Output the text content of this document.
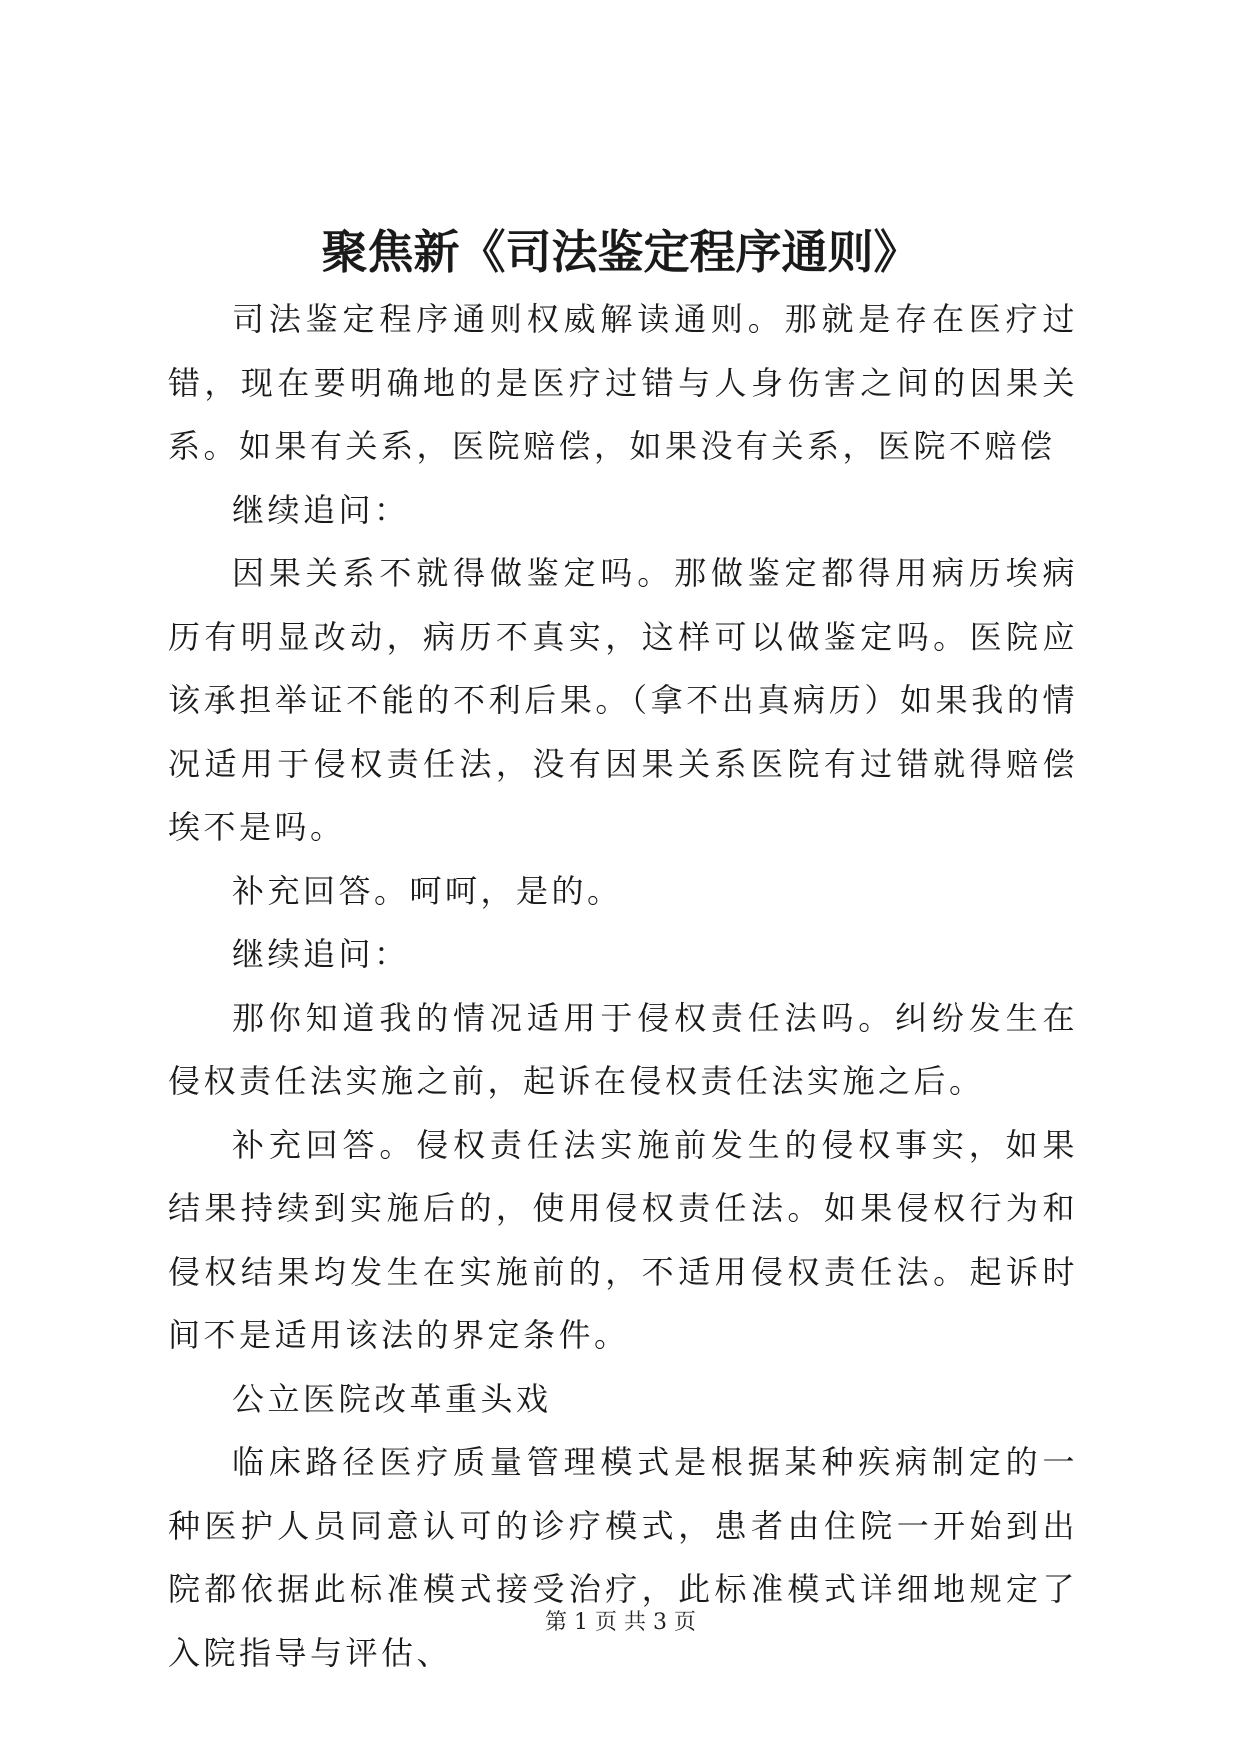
聚焦新《司法鉴定程序通则》

司法鉴定程序通则权威解读通则。那就是存在医疗过错，现在要明确地的是医疗过错与人身伤害之间的因果关系。如果有关系，医院赔偿，如果没有关系，医院不赔偿

继续追问：

因果关系不就得做鉴定吗。那做鉴定都得用病历埃病历有明显改动，病历不真实，这样可以做鉴定吗。医院应该承担举证不能的不利后果。（拿不出真病历）如果我的情况适用于侵权责任法，没有因果关系医院有过错就得赔偿埃不是吗。

补充回答。呵呵，是的。

继续追问：

那你知道我的情况适用于侵权责任法吗。纠纷发生在侵权责任法实施之前，起诉在侵权责任法实施之后。

补充回答。侵权责任法实施前发生的侵权事实，如果结果持续到实施后的，使用侵权责任法。如果侵权行为和侵权结果均发生在实施前的，不适用侵权责任法。起诉时间不是适用该法的界定条件。

公立医院改革重头戏

临床路径医疗质量管理模式是根据某种疾病制定的一种医护人员同意认可的诊疗模式，患者由住院一开始到出院都依据此标准模式接受治疗，此标准模式详细地规定了入院指导与评估、

第 1 页 共 3 页
